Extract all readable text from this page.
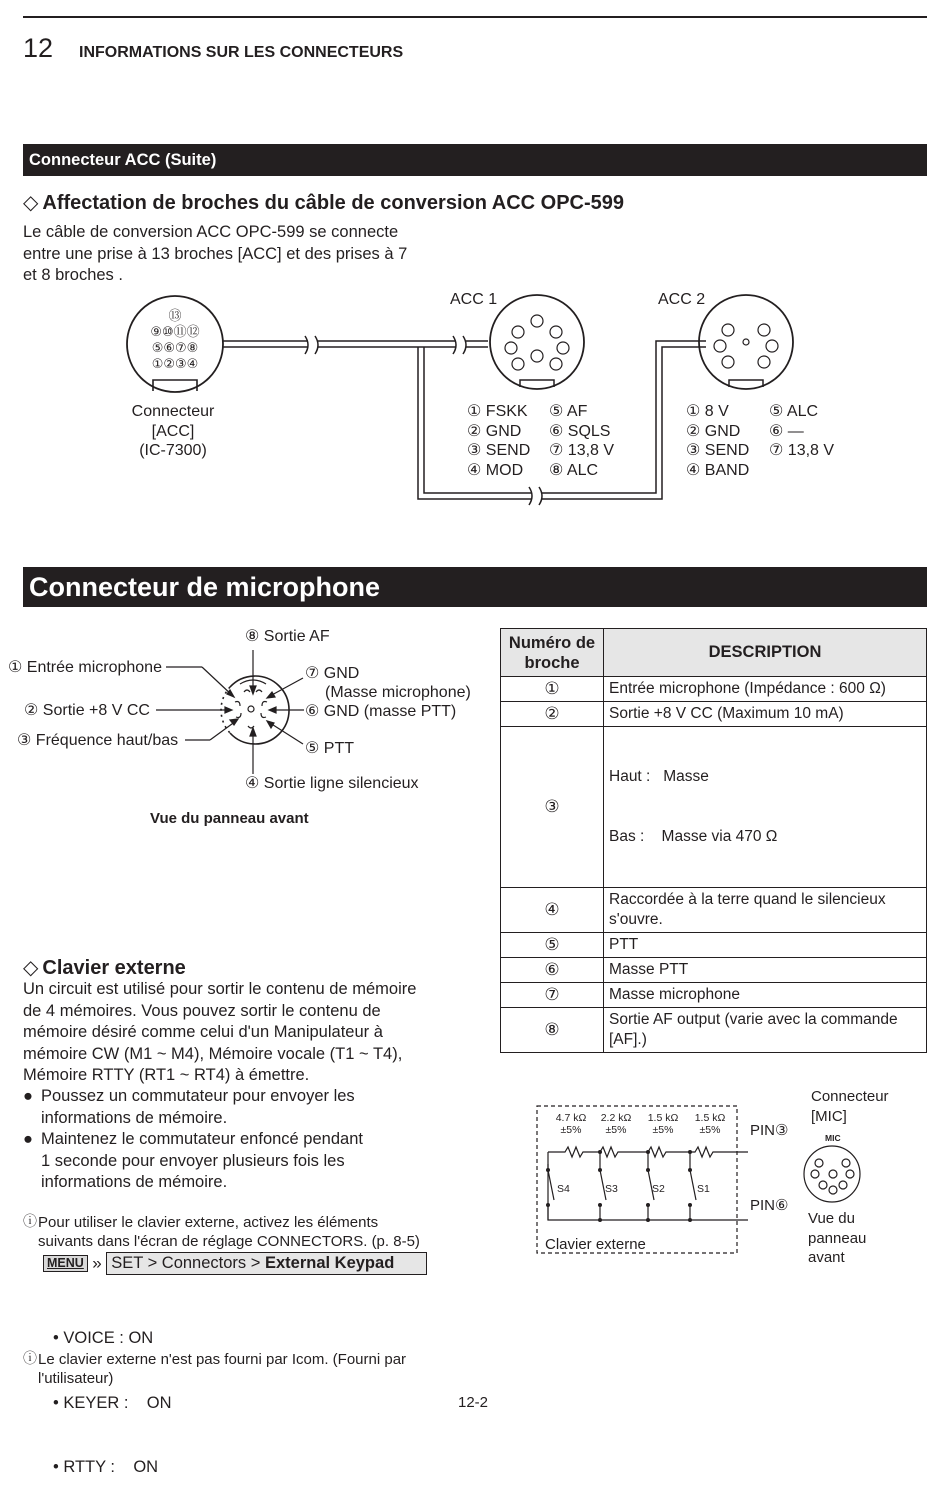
12 INFORMATIONS SUR LES CONNECTEURS
Connecteur ACC (Suite)
◇ Affectation de broches du câble de conversion ACC OPC-599
Le câble de conversion ACC OPC-599 se connecte
entre une prise à 13 broches [ACC] et des prises à 7
et 8 broches .
⑬
⑨⑩⑪⑫
⑤⑥⑦⑧
①②③④
ACC 1	ACC 2
Connecteur
[ACC]
(IC-7300)
① FSKK
② GND
③ SEND
④ MOD
⑤ AF
⑥ SQLS
⑦ 13,8 V
⑧ ALC
① 8 V
② GND
③ SEND
④ BAND
⑤ ALC
⑥ —
⑦ 13,8 V
Connecteur de microphone
① Entrée microphone
② Sortie +8 V CC
③ Fréquence haut/bas
④ Sortie ligne silencieux
⑤ PTT
⑥ GND (masse PTT)
⑦ GND
(Masse microphone)
⑧ Sortie AF
Vue du panneau avant
Numéro de
broche	DESCRIPTION
①	Entrée microphone (Impédance : 600 Ω)
②	Sortie +8 V CC (Maximum 10 mA)
③	Haut :   Masse

Bas :    Masse via 470 Ω

④	Raccordée à la terre quand le silencieux
s'ouvre.

⑤	PTT
⑥	Masse PTT
⑦	Masse microphone
⑧	Sortie AF output (varie avec la commande
[AF].)
◇ Clavier externe
Un circuit est utilisé pour sortir le contenu de mémoire
de 4 mémoires. Vous pouvez sortir le contenu de
mémoire désiré comme celui d'un Manipulateur à
mémoire CW (M1 ~ M4), Mémoire vocale (T1 ~ T4),
Mémoire RTTY (RT1 ~ RT4) à émettre.
● Poussez un commutateur pour envoyer les
informations de mémoire.
● Maintenez le commutateur enfoncé pendant
1 seconde pour envoyer plusieurs fois les
informations de mémoire.
ⓘ Pour utiliser le clavier externe, activez les éléments
suivants dans l'écran de réglage CONNECTORS. (p. 8-5)
MENU » SET > Connectors > External Keypad

• VOICE : ON

• KEYER :    ON

• RTTY :    ON

ⓘ Le clavier externe n'est pas fourni par Icom. (Fourni par
l'utilisateur)
4.7 kΩ
±5%
2.2 kΩ
±5%
1.5 kΩ
±5%
1.5 kΩ
±5%
S4	S3	S2	S1
PIN③
PIN⑥
Clavier externe
Connecteur
[MIC]
MIC
Vue du
panneau
avant
12-2
